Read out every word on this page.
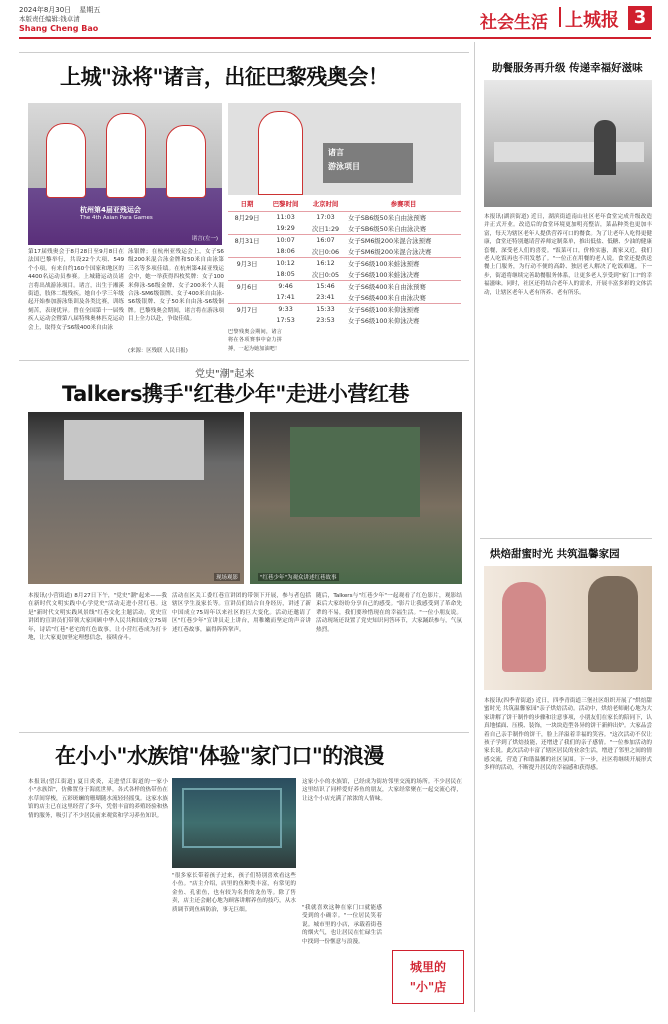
2024年8月30日 星期五
本版责任编辑:钱卓清
Shang Cheng Bao	社会生活 上城报 3
上城"泳将"诸言，出征巴黎残奥会！
杭州第4届亚残运会
The 4th Asian Para Games
诸言(左一)
诸言
游泳项目
日期	巴黎时间	北京时间	参赛项目
8月29日	11:03	17:03	女子SB6级50米自由泳预赛
	19:29	次日1:29	女子SB6级50米自由泳决赛
8月31日	10:07	16:07	女子SM6级200米混合泳预赛
	18:06	次日0:06	女子SM6级200米混合泳决赛
9月3日	10:12	16:12	女子S6级100米蛙泳预赛
	18:05	次日0:05	女子S6级100米蛙泳决赛
9月6日	9:46	15:46	女子S6级400米自由泳预赛
	17:41	23:41	女子S6级400米自由泳决赛
9月7日	9:33	15:33	女子S6级100米仰泳预赛
	17:53	23:53	女子S6级100米仰泳决赛
第17届残奥会于8月28日至9月8日在法国巴黎举行，共设22个大项、549个小项。有来自约160个国家和地区的4400名运动员参赛。上城籍运动员诸言将出战游泳项目。诸言，出生于湘溪街道，肢体二级残疾。她自小学三年级起开始参加游泳集训及各类比赛，训练刻苦，表现优异。曾在全国第十一届残疾人运动会暨第八届特殊奥林匹克运动会上，取得女子S6级400米自由泳
泳银牌；在杭州亚残运会上，女子S6级200米混合泳金牌和50米自由泳第三名等多项佳绩。在杭州第4届亚残运会中，她一举获得四枚奖牌：女子100米仰泳-S6级金牌、女子200米个人混合泳-SM6级银牌、女子400米自由泳-S6级银牌、女子50米自由泳-S6级铜牌。巴黎残奥会期间，诸言将在游泳项目上全力以赴，争取佳绩。
巴黎残奥会期间，诸言将在各项赛事中奋力拼搏，一起为她加油吧！
(来源：区残联 人民日报)
党史"潮"起来
Talkers携手"红巷少年"走进小营红巷
现场观影	"红巷少年"为观众讲述红巷故事
本报讯(小营街道) 8月27日下午，"党史"潮"起来——我在新时代文明实践中心学党史"活动走进小营红巷。这是"新时代文明实践风景线"红巷文化主题活动。党史宣讲团的宣讲员们带领大家回顾中华人民共和国成立75周年，诗话"红巷"老宅的红色故事，让小营红巷成为打卡地，让大家更加坚定理想信念，接续奋斗。
活动在区关工委红巷宣讲团的带领下开展，参与者包括辖区学生及家长等。宣讲员们结合自身经历，讲述了新中国成立75周年以来社区的巨大变化。活动还邀请了区"红巷少年"宣讲员走上讲台，用稚嫩而坚定的声音讲述红巷故事，赢得阵阵掌声。
随后，Talkers与"红巷少年"一起观看了红色影片，观影结束后大家纷纷分享自己的感受。"影片让我感受到了革命先辈的不易，我们要珍惜现在的幸福生活。"一位小朋友说。活动现场还设置了党史知识问答环节，大家踊跃参与，气氛热烈。
在小小"水族馆"体验"家门口"的浪漫
本报讯(望江街道) 夏日炎炎，走进望江街道的一家小小"水族馆"，仿佛置身于海底世界。各式各样的热带鱼在水草间穿梭，五彩斑斓的珊瑚随水流轻轻摇曳。这家水族馆的店主已在这里经营了多年，凭借丰富的养殖经验和热情的服务，吸引了不少居民前来观赏和学习养鱼知识。
"很多家长带着孩子过来，孩子们特别喜欢看这些小鱼。"店主介绍，店里的鱼种类丰富，有常见的金鱼、孔雀鱼，也有较为名贵的龙鱼等。除了售卖，店主还会耐心地为顾客讲解养鱼的技巧，从水质调节到鱼病防治，事无巨细。
这家小小的水族馆，已经成为街坊邻里交流的场所。不少居民在这里结识了同样爱好养鱼的朋友，大家经常聚在一起交流心得，让这个小店充满了浓浓的人情味。
"我就喜欢这种在家门口就能感受到的小确幸。"一位居民笑着说。城市里的小店，承载着街巷的烟火气，也让居民在忙碌生活中找到一份惬意与浪漫。
城里的
"小"店
助餐服务再升级 传递幸福好滋味
本报讯(湖滨街道) 近日，湖滨街道南山社区老年食堂完成升级改造并正式开业。改造后的食堂环境更加明亮整洁，菜品种类也更加丰富，每天为辖区老年人提供营养可口的餐食。为了让老年人吃得更健康，食堂还特别邀请营养师定制菜单，推出低盐、低糖、少油的健康套餐，深受老人们的喜爱。"饭菜可口，价格实惠，离家又近，我们老人吃饭再也不用发愁了。"一位正在用餐的老人说。食堂还提供送餐上门服务，为行动不便的高龄、独居老人解决了吃饭难题。下一步，街道将继续完善助餐服务体系，让更多老人享受到"家门口"的幸福滋味。同时，社区还将结合老年人的需求，开展丰富多彩的文体活动，让辖区老年人老有所养、老有所乐。
烘焙甜蜜时光 共筑温馨家园
本报讯(四季青街道) 近日，四季青街道三堡社区组织开展了"烘焙甜蜜时光 共筑温馨家园"亲子烘焙活动。活动中，烘焙老师耐心地为大家讲解了饼干制作的步骤和注意事项，小朋友们在家长的陪同下，认真地揉面、压模、装饰，一块块造型各异的饼干新鲜出炉。大家品尝着自己亲手制作的饼干，脸上洋溢着幸福的笑容。"这次活动不仅让孩子学到了烘焙技能，还增进了我们的亲子感情。"一位参加活动的家长说。此次活动丰富了辖区居民的业余生活，增进了邻里之间的情感交流，营造了和谐温馨的社区氛围。下一步，社区将继续开展形式多样的活动，不断提升居民的幸福感和获得感。
